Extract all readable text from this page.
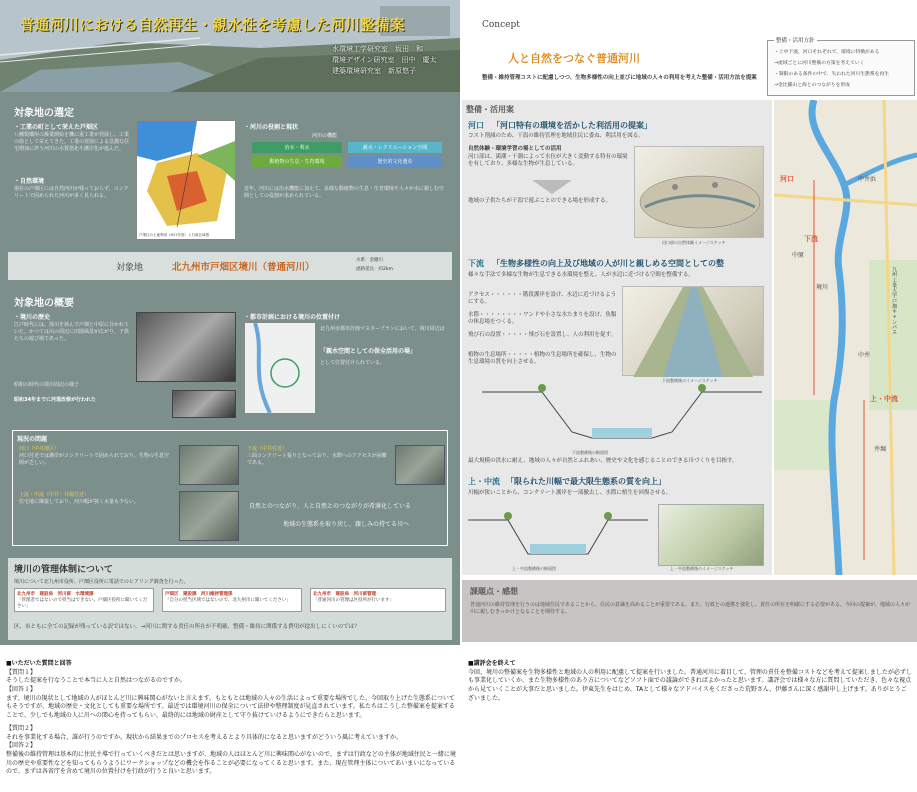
普通河川における自然再生・親水性を考慮した河川整備案
水環境工学研究室　坂田　和
環境デザイン研究室　田中　慶太
建築環境研究室　新原悠子
対象地の選定
・工業の町として栄えた戸畑区
八幡製鐵所の操業開始を機に重工業が発展し、工業の街として栄えてきた。工業の発展による急激な住宅増加に伴う河川の水質悪化や護岸化が進んだ。
・自然環境
現在の戸畑区には自然河川が残っておらず、コンクリートで固められた河川が多く見られる。
戸畑区の土地利用（H27年度）と行政区域図
・河川の役割と現状
河川の機能
治水・利水	親水・レクリエーション空間
動植物の生息・生育環境	歴史的文化遺産
近年、河川には治水機能に加えて、多様な動植物の生息・生育環境や人々が水に親しむ空間としての役割が求められている。
対象地	北九州市戸畑区境川（普通河川）
水系：金剛川
流路延長：約2km
対象地の概要
・境川の歴史
江戸時代には、境川を挟んで戸畑と中原に分かれていた。かつては川の周辺に田園風景が広がり、子供たちの遊び場であった。
昭和の時代の境川周辺の様子
昭和34年までに河道改修が行われた
・都市計画における境川の位置付け
北九州市都市計画マスタープランにおいて、境川周辺は
「親水空間としての保全活用の場」
として位置付けられている。
現況の問題
河口（中井地区）
河口付近では護岸がコンクリートで固められており、生物の生息空間が乏しい。
下流（中井付近）
三面コンクリート張りとなっており、水際へのアクセスが困難である。
上流・中流（中井・井堀付近）
住宅地に隣接しており、河川幅が狭く水量も少ない。
自然とのつながり、人と自然とのつながりが希薄化している
地域の生態系を取り戻し、親しみの持てる川へ
境川の管理体制について
境川について北九州市役所、戸畑区役所に電話でのヒアリング調査を行った。
北九州市　建設局　河川部　水環境課
「管理者ではないので担当はできない。戸畑区役所に聞いてください」
戸畑区　建設課　河川維持管理係
「自分の担当区域ではないので、北九州市に聞いてください」
北九州市　建設局　河川部管理
「普通河川の管理は区役所が行います」
区、市ともに全ての記録が残っている訳ではない。→河川に関する責任の所在が不明確、整備・維持に関係する費用が捻出しにくいのでは？
Concept
人と自然をつなぐ普通河川
整備・維持管理コストに配慮しつつ、生物多様性の向上並びに地域の人々の利用を考えた整備・活用方法を提案
整備・活用方針
・上中下流、河口それぞれで、環境に特徴がある
→流域ごとに河川整備の方策を考えていく
・制限のある条件の中で、失われた河川生態系を再生
→金比羅山と海とのつながりを形成
整備・活用案
河口 「河口特有の環境を活かした利活用の提案」
コスト削減のため、干潟の維持管理を地域住民に委ね、利活用を図る。
自然体験・環境学習の場としての活用
河口部は、満潮・干潮によって水位が大きく変動する特有の環境を有しており、多様な生物が生息している。
地域の子供たちが干潟で遊ぶことのできる場を形成する。
河口部の自然体験イメージスケッチ
下流 「生物多様性の向上及び地域の人が川と親しめる空間としての整
様々な手法で多様な生物が生息できる水環境を整え、人が水辺に近づける空間を整備する。
アクセス・・・・・・階段護岸を設け、水辺に近づけるようにする。
水際・・・・・・・・ワンドや小さな水たまりを設け、魚類の休息場をつくる。
飛び石の設置・・・・・飛び石を設置し、人の利用を促す。
植物の生息場所・・・・・植物の生息場所を確保し、生物の生息環境の質を向上させる。
下流整備後のイメージスケッチ
下流整備後の断面図
最大規模の洪水に耐え、地域の人々が自然とふれあい、歴史や文化を感じることのできる川づくりを目指す。
上・中流 「限られた川幅で最大限生態系の質を向上」
川幅が狭いことから、コンクリート護岸を一部撤去し、水際に植生を回復させる。
上・中流整備後の断面図	上・中流整備後のイメージスケッチ
河口	中井浜
下流
中原
境川
九州工業大学戸畑キャンパス
中井
上・中流
井堀
課題点・感想
普通河川の維持管理を行うのは地域住民であることから、住民の意識を高めることが重要である。また、行政との連携を強化し、責任の所在を明確にする必要がある。今回の提案が、地域の人々が川に親しむきっかけとなることを期待する。
■いただいた質問と回答
【質問１】
そうした提案を行なうことで本当に人と自然はつながるのですか。
【回答１】
まず、境川の現状として地域の人がほとんど川に興味関心がないと言えます。もともとは地域の人々の生活によって重要な場所でした。今回取り上げた生態系についてもそうですが、地域の歴史・文化としても重要な場所です。最近では環境河川の保全について法律や整理制度が見直されています。私たちはこうした整備案を提案することで、少しでも地域の人に川への関心を持ってもらい、最終的には地域の財産として守り抜けていけるようにできたらと思います。
【質問２】
それを事業化する場合、誰が行うのですか。現状から結果までのプロセスを考えるとより具体的になると思いますがどういう風に考えていますか。
【回答２】
整備後の維持管理は基本的に住民主導で行っていくべきだとは思いますが、地域の人はほとんど川に興味関心がないので、まずは行政などの主体が地域住民と一緒に境川の歴史や重要性などを知ってもらうようにワークショップなどの機会を作ることが必要になってくると思います。また、現在管理主体についてあいまいになっているので、まずは各省庁を含めて境川の位置付けを行政が行うと良いと思います。
■講評会を終えて
今回、境川の整備案を生物多様性と地域の人の利用に配慮して提案を行いました。普通河川に着目して、管理の責任を整備コストなどを考えて提案しましたが必ずしも事業化していくか、また生物多様性のあり方についてなどソフト面での議論ができればよかったと思います。講評会では様々な方に質問していただき、色々な視点から見ていくことが大事だと思いました。伊東先生をはじめ、TAとして様々なアドバイスをくださった荒野さん、伊藤さんに深く感謝申し上げます。ありがとうございました。
